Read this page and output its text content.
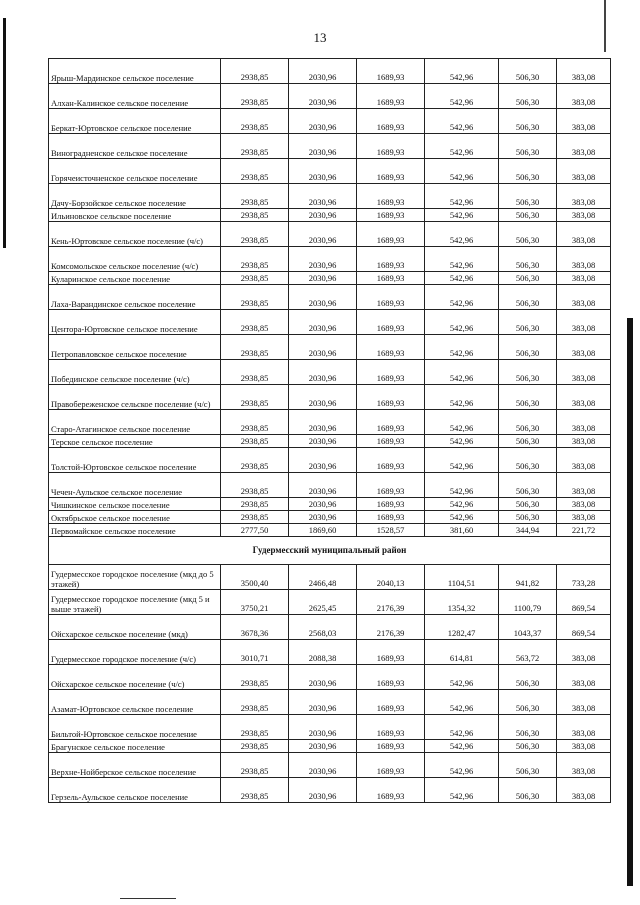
13
Ярыш-Мардинское сельское поселение	2938,85	2030,96	1689,93	542,96	506,30	383,08
Алхан-Калинское сельское поселение	2938,85	2030,96	1689,93	542,96	506,30	383,08
Беркат-Юртовское сельское поселение	2938,85	2030,96	1689,93	542,96	506,30	383,08
Виноградненское сельское поселение	2938,85	2030,96	1689,93	542,96	506,30	383,08
Горячеисточненское сельское поселение	2938,85	2030,96	1689,93	542,96	506,30	383,08
Дачу-Борзойское сельское поселение	2938,85	2030,96	1689,93	542,96	506,30	383,08
Ильиновское сельское поселение	2938,85	2030,96	1689,93	542,96	506,30	383,08
Кень-Юртовское сельское поселение (ч/с)	2938,85	2030,96	1689,93	542,96	506,30	383,08
Комсомольское сельское поселение (ч/с)	2938,85	2030,96	1689,93	542,96	506,30	383,08
Куларинское сельское поселение	2938,85	2030,96	1689,93	542,96	506,30	383,08
Лаха-Варандинское сельское поселение	2938,85	2030,96	1689,93	542,96	506,30	383,08
Центора-Юртовское сельское поселение	2938,85	2030,96	1689,93	542,96	506,30	383,08
Петропавловское сельское поселение	2938,85	2030,96	1689,93	542,96	506,30	383,08
Побединское сельское поселение (ч/с)	2938,85	2030,96	1689,93	542,96	506,30	383,08
Правобереженское сельское поселение (ч/с)	2938,85	2030,96	1689,93	542,96	506,30	383,08
Старо-Атагинское сельское поселение	2938,85	2030,96	1689,93	542,96	506,30	383,08
Терское сельское поселение	2938,85	2030,96	1689,93	542,96	506,30	383,08
Толстой-Юртовское сельское поселение	2938,85	2030,96	1689,93	542,96	506,30	383,08
Чечен-Аульское сельское поселение	2938,85	2030,96	1689,93	542,96	506,30	383,08
Чишкинское сельское поселение	2938,85	2030,96	1689,93	542,96	506,30	383,08
Октябрьское сельское поселение	2938,85	2030,96	1689,93	542,96	506,30	383,08
Первомайское сельское поселение	2777,50	1869,60	1528,57	381,60	344,94	221,72
Гудермесский муниципальный район						
Гудермесское городское поселение (мкд до 5 этажей)	3500,40	2466,48	2040,13	1104,51	941,82	733,28
Гудермесское городское поселение (мкд 5 и выше этажей)	3750,21	2625,45	2176,39	1354,32	1100,79	869,54
Ойсхарское сельское поселение (мкд)	3678,36	2568,03	2176,39	1282,47	1043,37	869,54
Гудермесское городское поселение (ч/с)	3010,71	2088,38	1689,93	614,81	563,72	383,08
Ойсхарское сельское поселение (ч/с)	2938,85	2030,96	1689,93	542,96	506,30	383,08
Азамат-Юртовское сельское поселение	2938,85	2030,96	1689,93	542,96	506,30	383,08
Бильтой-Юртовское сельское поселение	2938,85	2030,96	1689,93	542,96	506,30	383,08
Брагунское сельское поселение	2938,85	2030,96	1689,93	542,96	506,30	383,08
Верхне-Нойберское сельское поселение	2938,85	2030,96	1689,93	542,96	506,30	383,08
Герзель-Аульское сельское поселение	2938,85	2030,96	1689,93	542,96	506,30	383,08
